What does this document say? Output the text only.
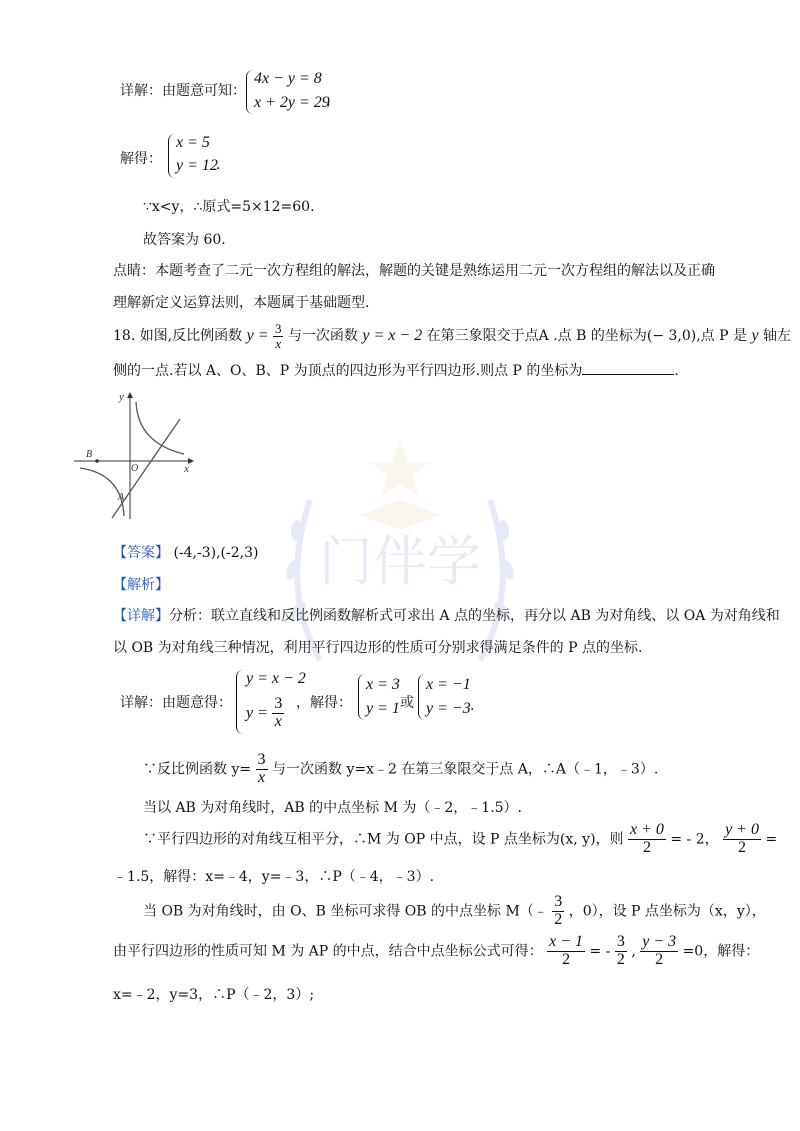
门伴学
详解：由题意可知：
4x − y = 8
x + 2y = 29
，
解得：
x = 5
y = 12
．
∵x<y，∴原式=5×12=60.
故答案为 60.
点睛：本题考查了二元一次方程组的解法，解题的关键是熟练运用二元一次方程组的解法以及正确
理解新定义运算法则，本题属于基础题型.
18. 如图,反比例函数 $y = \frac{3}{x}$ 与一次函数 y = x − 2 在第三象限交于点A .点 B 的坐标为(− 3,0),点 P 是 y 轴左
侧的一点.若以 A、O、B、P 为顶点的四边形为平行四边形.则点 P 的坐标为	.
y
x
B
O
A
【答案】 (-4,-3),(-2,3)
【解析】
【详解】分析：联立直线和反比例函数解析式可求出 A 点的坐标，再分以 AB 为对角线、以 OA 为对角线和
以 OB 为对角线三种情况，利用平行四边形的性质可分别求得满足条件的 P 点的坐标.
详解：由题意得：
y = x − 2
$y = \frac{3}{x}$ ，解得：
x = 3
y = 1 或
x = −1
y = −3 .
∵反比例函数 $y= \frac{3}{x}$ 与一次函数 y=x﹣2 在第三象限交于点 A，∴A（﹣1，﹣3）.
当以 AB 为对角线时，AB 的中点坐标 M 为（﹣2，﹣1.5）.
∵平行四边形的对角线互相平分，∴M 为 OP 中点，设 P 点坐标为(x, y)，则 $\frac{x + 0}{2}$ = - 2， $\frac{y + 0}{2}$ =
﹣1.5，解得：x=﹣4，y=﹣3，∴P（﹣4，﹣3）.
当 OB 为对角线时，由 O、B 坐标可求得 OB 的中点坐标 M（﹣ $\frac{3}{2}$ ，0），设 P 点坐标为（x，y），
由平行四边形的性质可知 M 为 AP 的中点，结合中点坐标公式可得： $\frac{x - 1}{2}$ = - $\frac{3}{2}$ , $\frac{y - 3}{2} =0$，解得：
x=﹣2，y=3，∴P（﹣2，3）;
